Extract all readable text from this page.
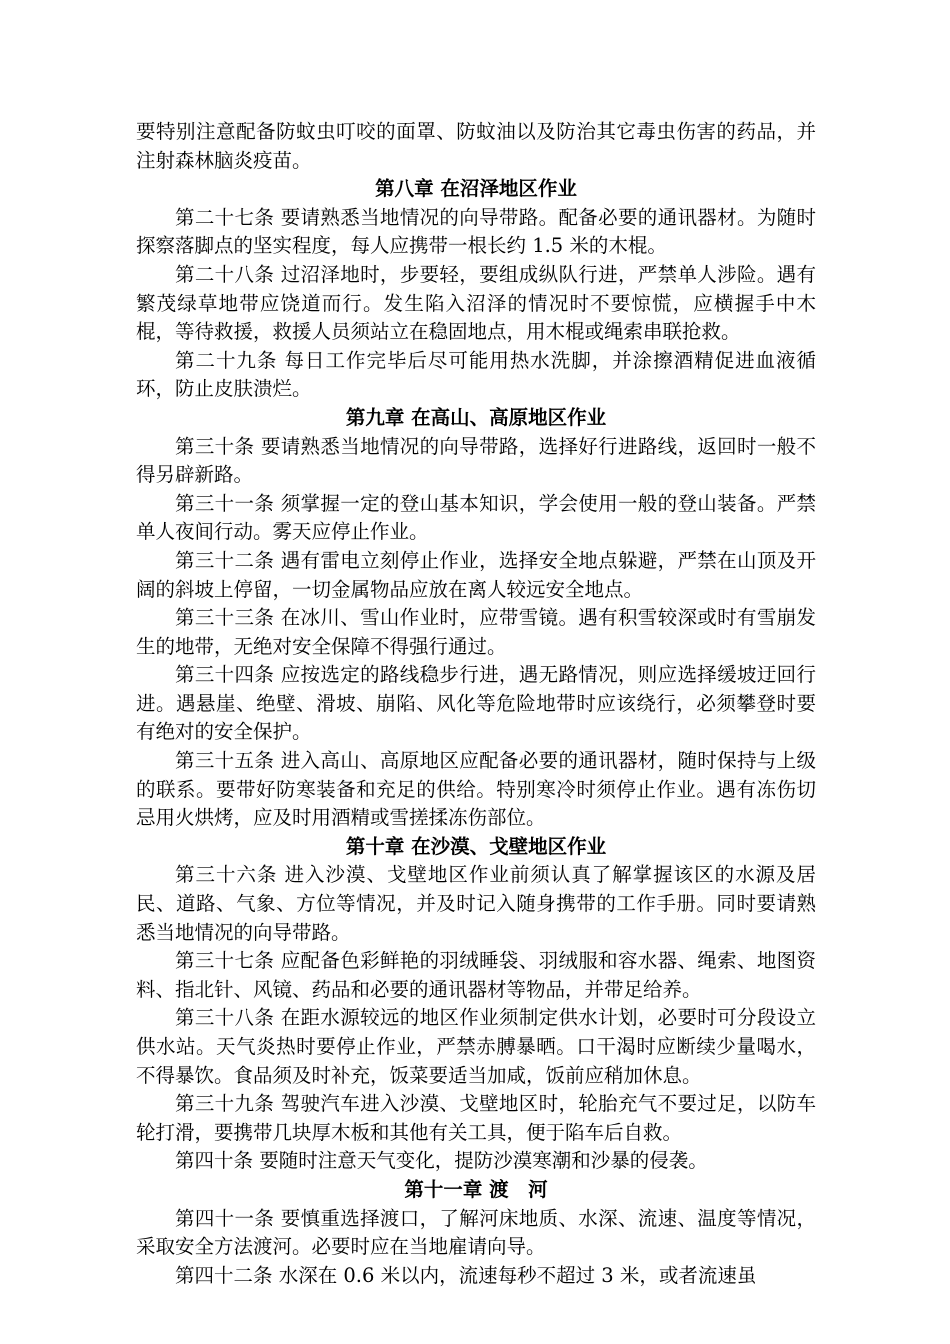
要特别注意配备防蚊虫叮咬的面罩、防蚊油以及防治其它毒虫伤害的药品，并注射森林脑炎疫苗。

第八章 在沼泽地区作业

第二十七条 要请熟悉当地情况的向导带路。配备必要的通讯器材。为随时探察落脚点的坚实程度，每人应携带一根长约 1.5 米的木棍。

第二十八条 过沼泽地时，步要轻，要组成纵队行进，严禁单人涉险。遇有繁茂绿草地带应饶道而行。发生陷入沼泽的情况时不要惊慌，应横握手中木棍，等待救援，救援人员须站立在稳固地点，用木棍或绳索串联抢救。

第二十九条 每日工作完毕后尽可能用热水洗脚，并涂擦酒精促进血液循环，防止皮肤溃烂。

第九章 在高山、高原地区作业

第三十条 要请熟悉当地情况的向导带路，选择好行进路线，返回时一般不得另辟新路。

第三十一条 须掌握一定的登山基本知识，学会使用一般的登山装备。严禁单人夜间行动。雾天应停止作业。

第三十二条 遇有雷电立刻停止作业，选择安全地点躲避，严禁在山顶及开阔的斜坡上停留，一切金属物品应放在离人较远安全地点。

第三十三条 在冰川、雪山作业时，应带雪镜。遇有积雪较深或时有雪崩发生的地带，无绝对安全保障不得强行通过。

第三十四条 应按选定的路线稳步行进，遇无路情况，则应选择缓坡迂回行进。遇悬崖、绝壁、滑坡、崩陷、风化等危险地带时应该绕行，必须攀登时要有绝对的安全保护。

第三十五条 进入高山、高原地区应配备必要的通讯器材，随时保持与上级的联系。要带好防寒装备和充足的供给。特别寒冷时须停止作业。遇有冻伤切忌用火烘烤，应及时用酒精或雪搓揉冻伤部位。

第十章 在沙漠、戈壁地区作业

第三十六条 进入沙漠、戈壁地区作业前须认真了解掌握该区的水源及居民、道路、气象、方位等情况，并及时记入随身携带的工作手册。同时要请熟悉当地情况的向导带路。

第三十七条 应配备色彩鲜艳的羽绒睡袋、羽绒服和容水器、绳索、地图资料、指北针、风镜、药品和必要的通讯器材等物品，并带足给养。

第三十八条 在距水源较远的地区作业须制定供水计划，必要时可分段设立供水站。天气炎热时要停止作业，严禁赤膊暴晒。口干渴时应断续少量喝水，不得暴饮。食品须及时补充，饭菜要适当加咸，饭前应稍加休息。

第三十九条 驾驶汽车进入沙漠、戈壁地区时，轮胎充气不要过足，以防车轮打滑，要携带几块厚木板和其他有关工具，便于陷车后自救。

第四十条 要随时注意天气变化，提防沙漠寒潮和沙暴的侵袭。

第十一章 渡　河

第四十一条 要慎重选择渡口，了解河床地质、水深、流速、温度等情况，采取安全方法渡河。必要时应在当地雇请向导。

第四十二条 水深在 0.6 米以内，流速每秒不超过 3 米，或者流速虽
